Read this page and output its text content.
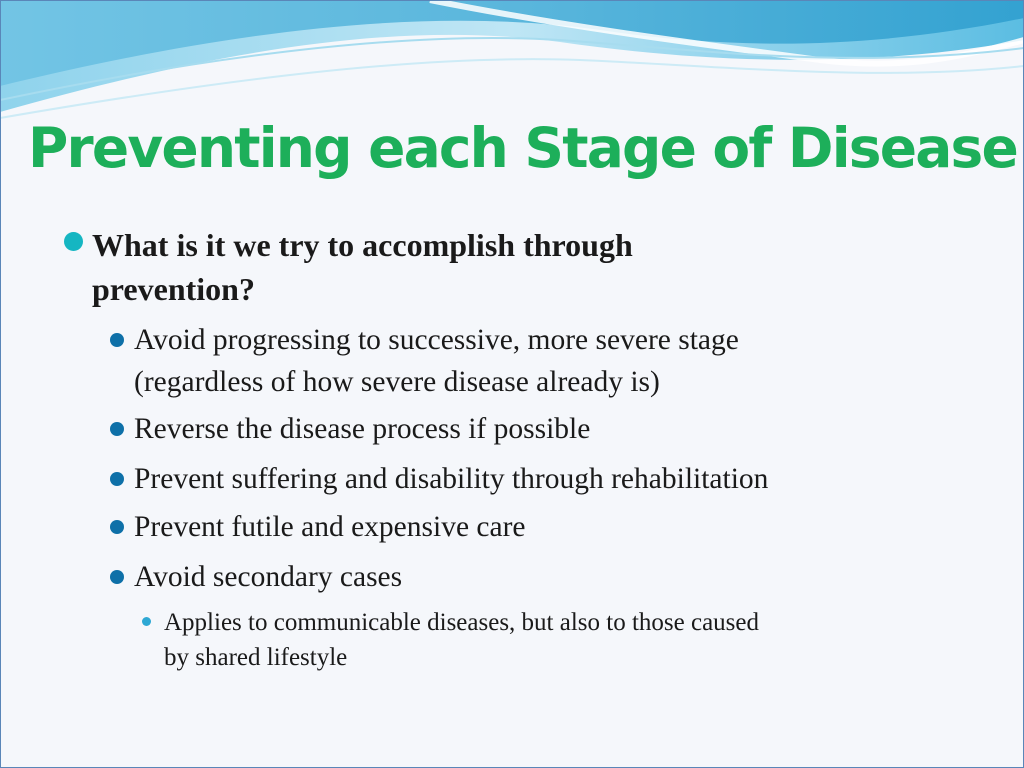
Preventing each Stage of Disease
What is it we try to accomplish through
prevention?
Avoid progressing to successive, more severe stage
(regardless of how severe disease already is)
Reverse the disease process if possible
Prevent suffering and disability through rehabilitation
Prevent futile and expensive care
Avoid secondary cases
Applies to communicable diseases, but also to those caused
by shared lifestyle
